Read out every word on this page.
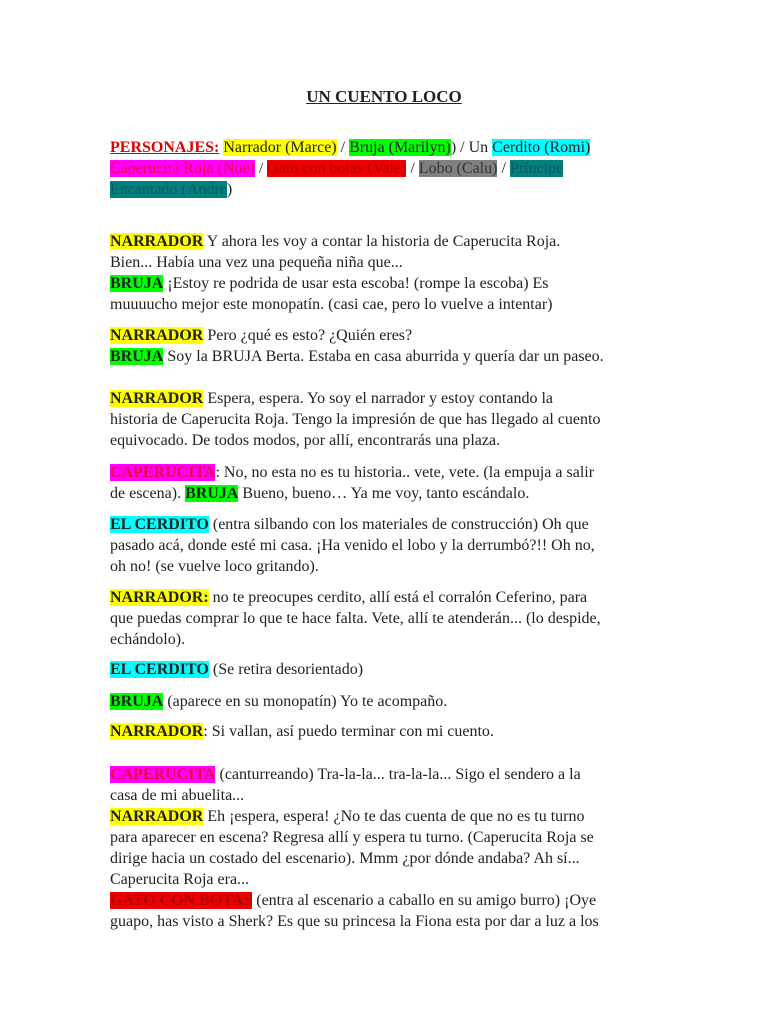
UN CUENTO LOCO
PERSONAJES: Narrador (Marce) / Bruja (Marilyn)) / Un Cerdito (Romi)
Caperucita Roja (Noe) / Gato con botas (Vale) / Lobo (Calu) / Príncipe
Encantado (Andre)
NARRADOR Y ahora les voy a contar la historia de Caperucita Roja.
Bien... Había una vez una pequeña niña que...
BRUJA ¡Estoy re podrida de usar esta escoba! (rompe la escoba) Es
muuuucho mejor este monopatín. (casi cae, pero lo vuelve a intentar)
NARRADOR Pero ¿qué es esto? ¿Quién eres?
BRUJA Soy la BRUJA Berta. Estaba en casa aburrida y quería dar un paseo.
NARRADOR Espera, espera. Yo soy el narrador y estoy contando la
historia de Caperucita Roja. Tengo la impresión de que has llegado al cuento
equivocado. De todos modos, por allí, encontrarás una plaza.
CAPERUCITA: No, no esta no es tu historia.. vete, vete. (la empuja a salir
de escena). BRUJA Bueno, bueno… Ya me voy, tanto escándalo.
EL CERDITO (entra silbando con los materiales de construcción) Oh que
pasado acá, donde esté mi casa. ¡Ha venido el lobo y la derrumbó?!! Oh no,
oh no! (se vuelve loco gritando).
NARRADOR: no te preocupes cerdito, allí está el corralón Ceferino, para
que puedas comprar lo que te hace falta. Vete, allí te atenderán... (lo despide,
echándolo).
EL CERDITO (Se retira desorientado)
BRUJA (aparece en su monopatín) Yo te acompaño.
NARRADOR: Si vallan, así puedo terminar con mi cuento.
CAPERUCITA (canturreando) Tra-la-la... tra-la-la... Sigo el sendero a la
casa de mi abuelita...
NARRADOR Eh ¡espera, espera! ¿No te das cuenta de que no es tu turno
para aparecer en escena? Regresa allí y espera tu turno. (Caperucita Roja se
dirige hacia un costado del escenario). Mmm ¿por dónde andaba? Ah sí...
Caperucita Roja era...
GATO CON BOTAS (entra al escenario a caballo en su amigo burro) ¡Oye
guapo, has visto a Sherk? Es que su princesa la Fiona esta por dar a luz a los
